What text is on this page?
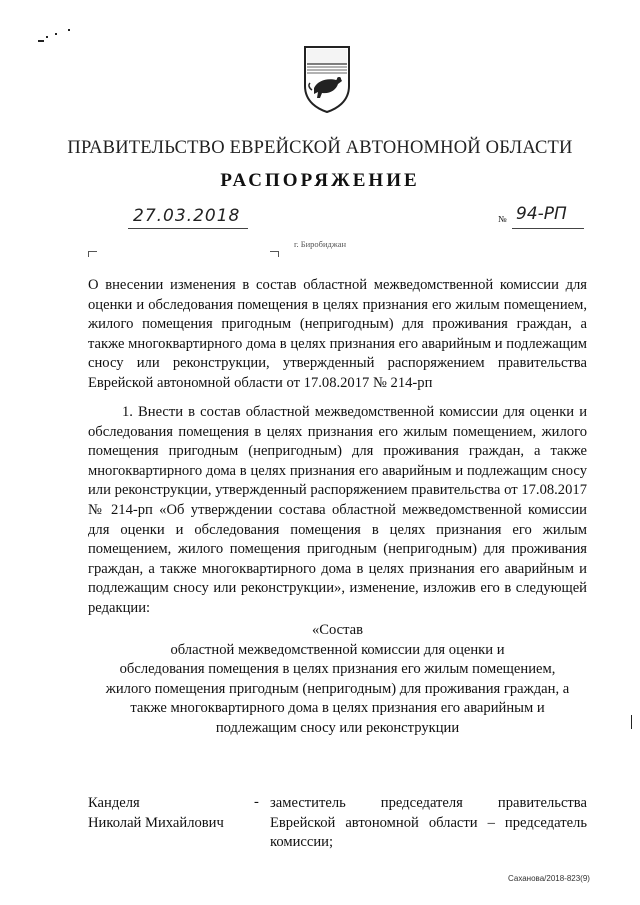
ПРАВИТЕЛЬСТВО ЕВРЕЙСКОЙ АВТОНОМНОЙ ОБЛАСТИ
РАСПОРЯЖЕНИЕ
27.03.2018	№ 94-РП
г. Биробиджан
О внесении изменения в состав областной межведомственной комиссии для оценки и обследования помещения в целях признания его жилым помещением, жилого помещения пригодным (непригодным) для проживания граждан, а также многоквартирного дома в целях признания его аварийным и подлежащим сносу или реконструкции, утвержденный распоряжением правительства Еврейской автономной области от 17.08.2017 № 214-рп
1. Внести в состав областной межведомственной комиссии для оценки и обследования помещения в целях признания его жилым помещением, жилого помещения пригодным (непригодным) для проживания граждан, а также многоквартирного дома в целях признания его аварийным и подлежащим сносу или реконструкции, утвержденный распоряжением правительства от 17.08.2017 № 214-рп «Об утверждении состава областной межведомственной комиссии для оценки и обследования помещения в целях признания его жилым помещением, жилого помещения пригодным (непригодным) для проживания граждан, а также многоквартирного дома в целях признания его аварийным и подлежащим сносу или реконструкции», изменение, изложив его в следующей редакции:
«Состав
областной межведомственной комиссии для оценки и
обследования помещения в целях признания его жилым помещением,
жилого помещения пригодным (непригодным) для проживания граждан, а
также многоквартирного дома в целях признания его аварийным и
подлежащим сносу или реконструкции
Канделя
Николай Михайлович
- заместитель председателя правительства Еврейской автономной области – председатель комиссии;
Саханова/2018-823(9)
